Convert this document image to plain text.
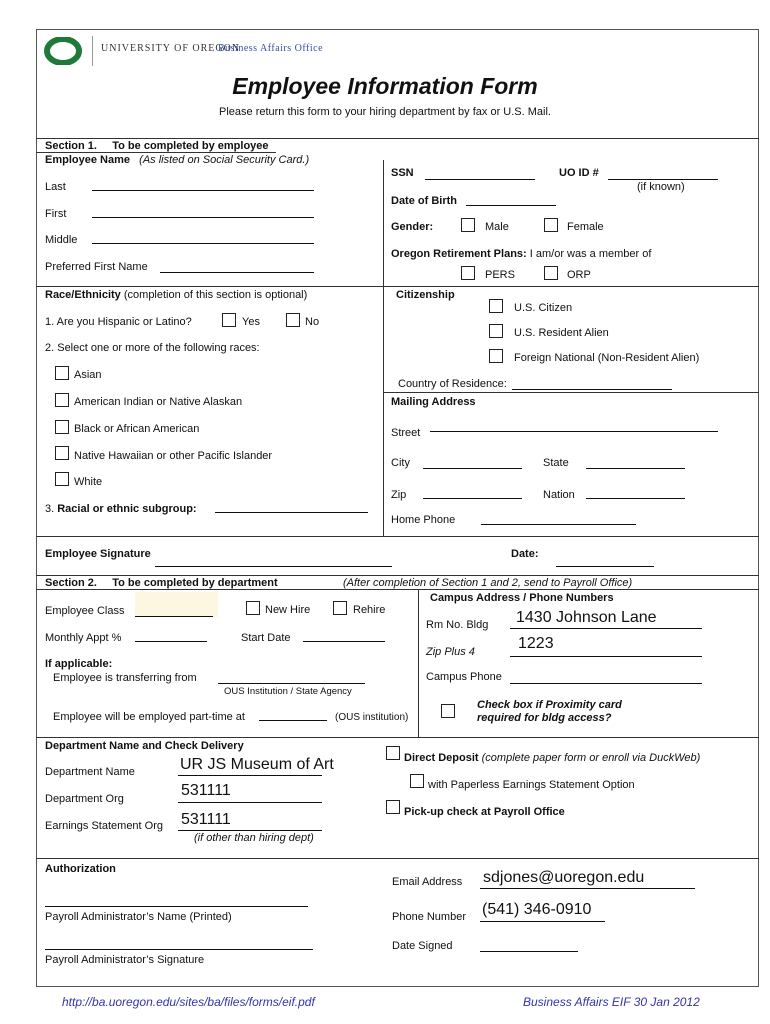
UNIVERSITY OF OREGON
Business Affairs Office
Employee Information Form
Please return this form to your hiring department by fax or U.S. Mail.
Section 1. To be completed by employee
Employee Name (As listed on Social Security Card.)
Last
First
Middle
Preferred First Name
SSN	UO ID #
(if known)
Date of Birth
Gender:	Male	Female
Oregon Retirement Plans: I am/or was a member of
PERS	ORP
Race/Ethnicity (completion of this section is optional)
1. Are you Hispanic or Latino?	Yes	No
2. Select one or more of the following races:
Asian
American Indian or Native Alaskan
Black or African American
Native Hawaiian or other Pacific Islander
White
3. Racial or ethnic subgroup:
Citizenship
U.S. Citizen
U.S. Resident Alien
Foreign National (Non-Resident Alien)
Country of Residence:
Mailing Address
Street
City	State
Zip	Nation
Home Phone
Employee Signature	Date:
Section 2. To be completed by department	(After completion of Section 1 and 2, send to Payroll Office)
Employee Class	New Hire	Rehire
Monthly Appt %	Start Date
If applicable:
Employee is transferring from
OUS Institution / State Agency
Employee will be employed part-time at	(OUS institution)
Campus Address / Phone Numbers
Rm No. Bldg 1430 Johnson Lane
Zip Plus 4	1223
Campus Phone
Check box if Proximity card
required for bldg access?
Department Name and Check Delivery
Department Name	UR JS Museum of Art
Department Org	531111
Earnings Statement Org 531111
(if other than hiring dept)
Direct Deposit (complete paper form or enroll via DuckWeb)
with Paperless Earnings Statement Option
Pick-up check at Payroll Office
Authorization
Payroll Administrator’s Name (Printed)
Payroll Administrator’s Signature
Email Address sdjones@uoregon.edu
Phone Number (541) 346-0910
Date Signed
http://ba.uoregon.edu/sites/ba/files/forms/eif.pdf	Business Affairs EIF 30 Jan 2012
